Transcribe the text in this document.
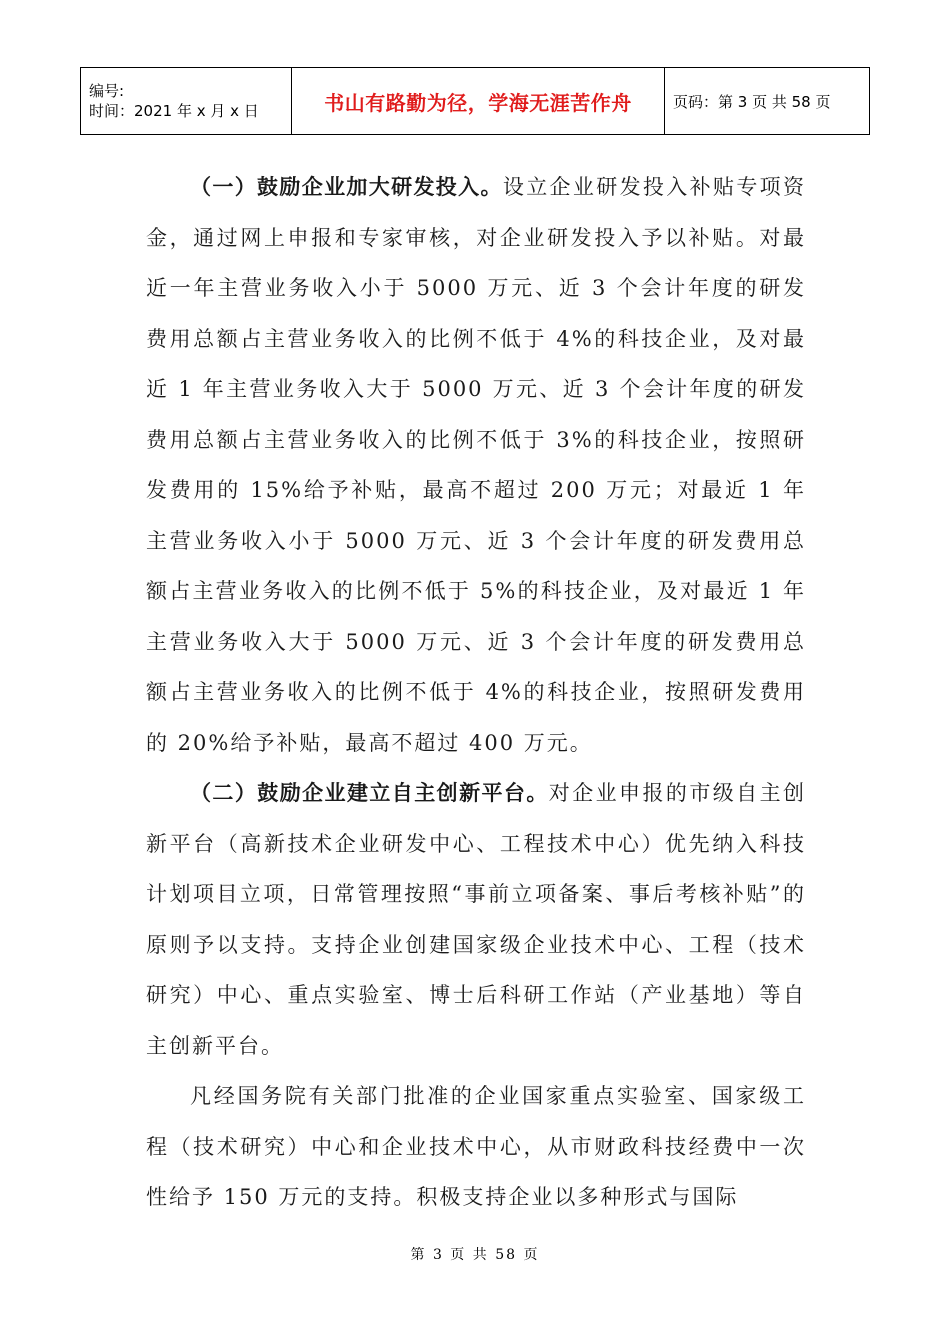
编号:
时间：2021 年 x 月 x 日	书山有路勤为径，学海无涯苦作舟	页码：第 3 页 共 58 页

（一）鼓励企业加大研发投入。设立企业研发投入补贴专项资金，通过网上申报和专家审核，对企业研发投入予以补贴。对最近一年主营业务收入小于 5000 万元、近 3 个会计年度的研发费用总额占主营业务收入的比例不低于 4%的科技企业，及对最近 1 年主营业务收入大于 5000 万元、近 3 个会计年度的研发费用总额占主营业务收入的比例不低于 3%的科技企业，按照研发费用的 15%给予补贴，最高不超过 200 万元；对最近 1 年主营业务收入小于 5000 万元、近 3 个会计年度的研发费用总额占主营业务收入的比例不低于 5%的科技企业，及对最近 1 年主营业务收入大于 5000 万元、近 3 个会计年度的研发费用总额占主营业务收入的比例不低于 4%的科技企业，按照研发费用的 20%给予补贴，最高不超过 400 万元。

（二）鼓励企业建立自主创新平台。对企业申报的市级自主创新平台（高新技术企业研发中心、工程技术中心）优先纳入科技计划项目立项，日常管理按照“事前立项备案、事后考核补贴”的原则予以支持。支持企业创建国家级企业技术中心、工程（技术研究）中心、重点实验室、博士后科研工作站（产业基地）等自主创新平台。

凡经国务院有关部门批准的企业国家重点实验室、国家级工程（技术研究）中心和企业技术中心，从市财政科技经费中一次性给予 150 万元的支持。积极支持企业以多种形式与国际

第 3 页 共 58 页
